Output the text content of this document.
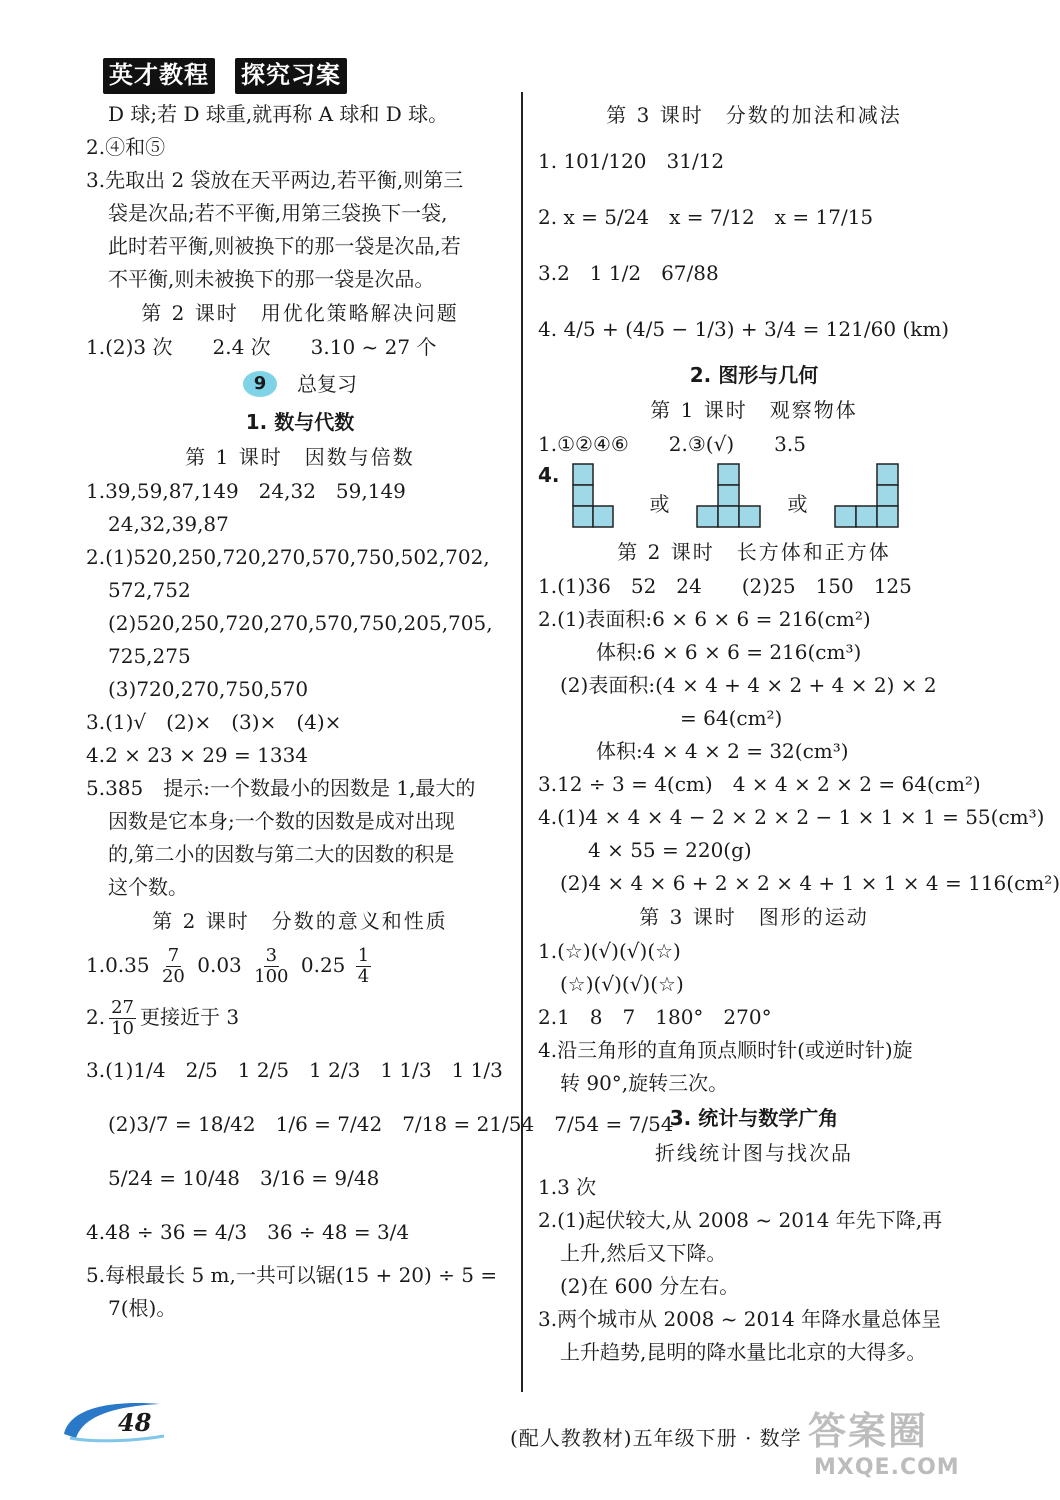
英才教程 探究习案
D 球;若 D 球重,就再称 A 球和 D 球。
2.④和⑤
3.先取出 2 袋放在天平两边,若平衡,则第三
袋是次品;若不平衡,用第三袋换下一袋,
此时若平衡,则被换下的那一袋是次品,若
不平衡,则未被换下的那一袋是次品。
第 2 课时　用优化策略解决问题
1.(2)3 次　　2.4 次　　3.10 ~ 27 个
9	总复习
1. 数与代数
第 1 课时　因数与倍数
1.39,59,87,149　24,32　59,149
24,32,39,87
2.(1)520,250,720,270,570,750,502,702,
572,752
(2)520,250,720,270,570,750,205,705,
725,275
(3)720,270,750,570
3.(1)√　(2)×　(3)×　(4)×
4.2 × 23 × 29 = 1334
5.385　提示:一个数最小的因数是 1,最大的
因数是它本身;一个数的因数是成对出现
的,第二小的因数与第二大的因数的积是
这个数。
第 2 课时　分数的意义和性质
$1.0.35 \frac{7}{20} 0.03 \frac{3}{100} 0.25 \frac{1}{4}$
2. $\frac{27}{10}$ 更接近于 3
3.(1)1/4　2/5　1 2/5　1 2/3　1 1/3　1 1/3
(2)3/7 = 18/42　1/6 = 7/42　7/18 = 21/54　7/54 = 7/54
5/24 = 10/48　3/16 = 9/48
4.48 ÷ 36 = 4/3　36 ÷ 48 = 3/4
5.每根最长 5 m,一共可以锯(15 + 20) ÷ 5 =
7(根)。
第 3 课时　分数的加法和减法
1. 101/120　31/12
2. x = 5/24　x = 7/12　x = 17/15
3.2　1 1/2　67/88
4. 4/5 + (4/5 − 1/3) + 3/4 = 121/60 (km)
2. 图形与几何
第 1 课时　观察物体
1.①②④⑥　　2.③(√)　　3.5
4.
或	或
第 2 课时　长方体和正方体
1.(1)36　52　24　　(2)25　150　125
2.(1)表面积:6 × 6 × 6 = 216(cm²)
体积:6 × 6 × 6 = 216(cm³)
(2)表面积:(4 × 4 + 4 × 2 + 4 × 2) × 2
= 64(cm²)
体积:4 × 4 × 2 = 32(cm³)
3.12 ÷ 3 = 4(cm)　4 × 4 × 2 × 2 = 64(cm²)
4.(1)4 × 4 × 4 − 2 × 2 × 2 − 1 × 1 × 1 = 55(cm³)
4 × 55 = 220(g)
(2)4 × 4 × 6 + 2 × 2 × 4 + 1 × 1 × 4 = 116(cm²)
第 3 课时　图形的运动
1.(☆)(√)(√)(☆)
(☆)(√)(√)(☆)
2.1　8　7　180°　270°
4.沿三角形的直角顶点顺时针(或逆时针)旋
转 90°,旋转三次。
3. 统计与数学广角
折线统计图与找次品
1.3 次
2.(1)起伏较大,从 2008 ~ 2014 年先下降,再
上升,然后又下降。
(2)在 600 分左右。
3.两个城市从 2008 ~ 2014 年降水量总体呈
上升趋势,昆明的降水量比北京的大得多。
48
(配人教教材)五年级下册 · 数学 答案圈
MXQE.COM
